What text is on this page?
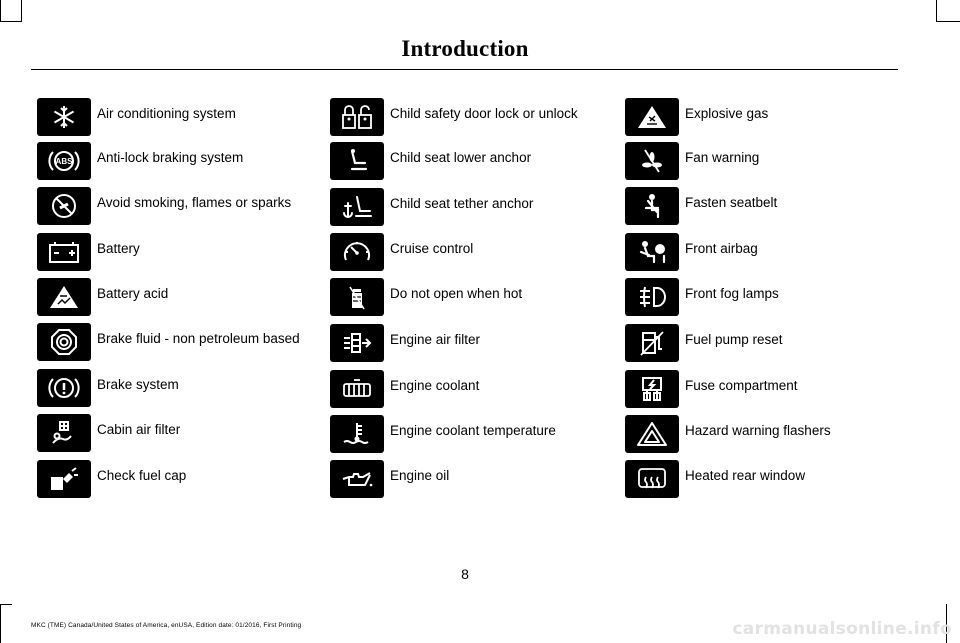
Introduction
Air conditioning system
ABS Anti-lock braking system
Avoid smoking, flames or sparks
Battery
Battery acid
Brake fluid - non petroleum based
Brake system
Cabin air filter
Check fuel cap
Child safety door lock or unlock
Child seat lower anchor
Child seat tether anchor
Cruise control
Do not open when hot
Engine air filter
Engine coolant
Engine coolant temperature
Engine oil
Explosive gas
Fan warning
Fasten seatbelt
Front airbag
Front fog lamps
Fuel pump reset
Fuse compartment
Hazard warning flashers
Heated rear window
8
MKC (TME) Canada/United States of America, enUSA, Edition date: 01/2016, First Printing	carmanualsonline.info
